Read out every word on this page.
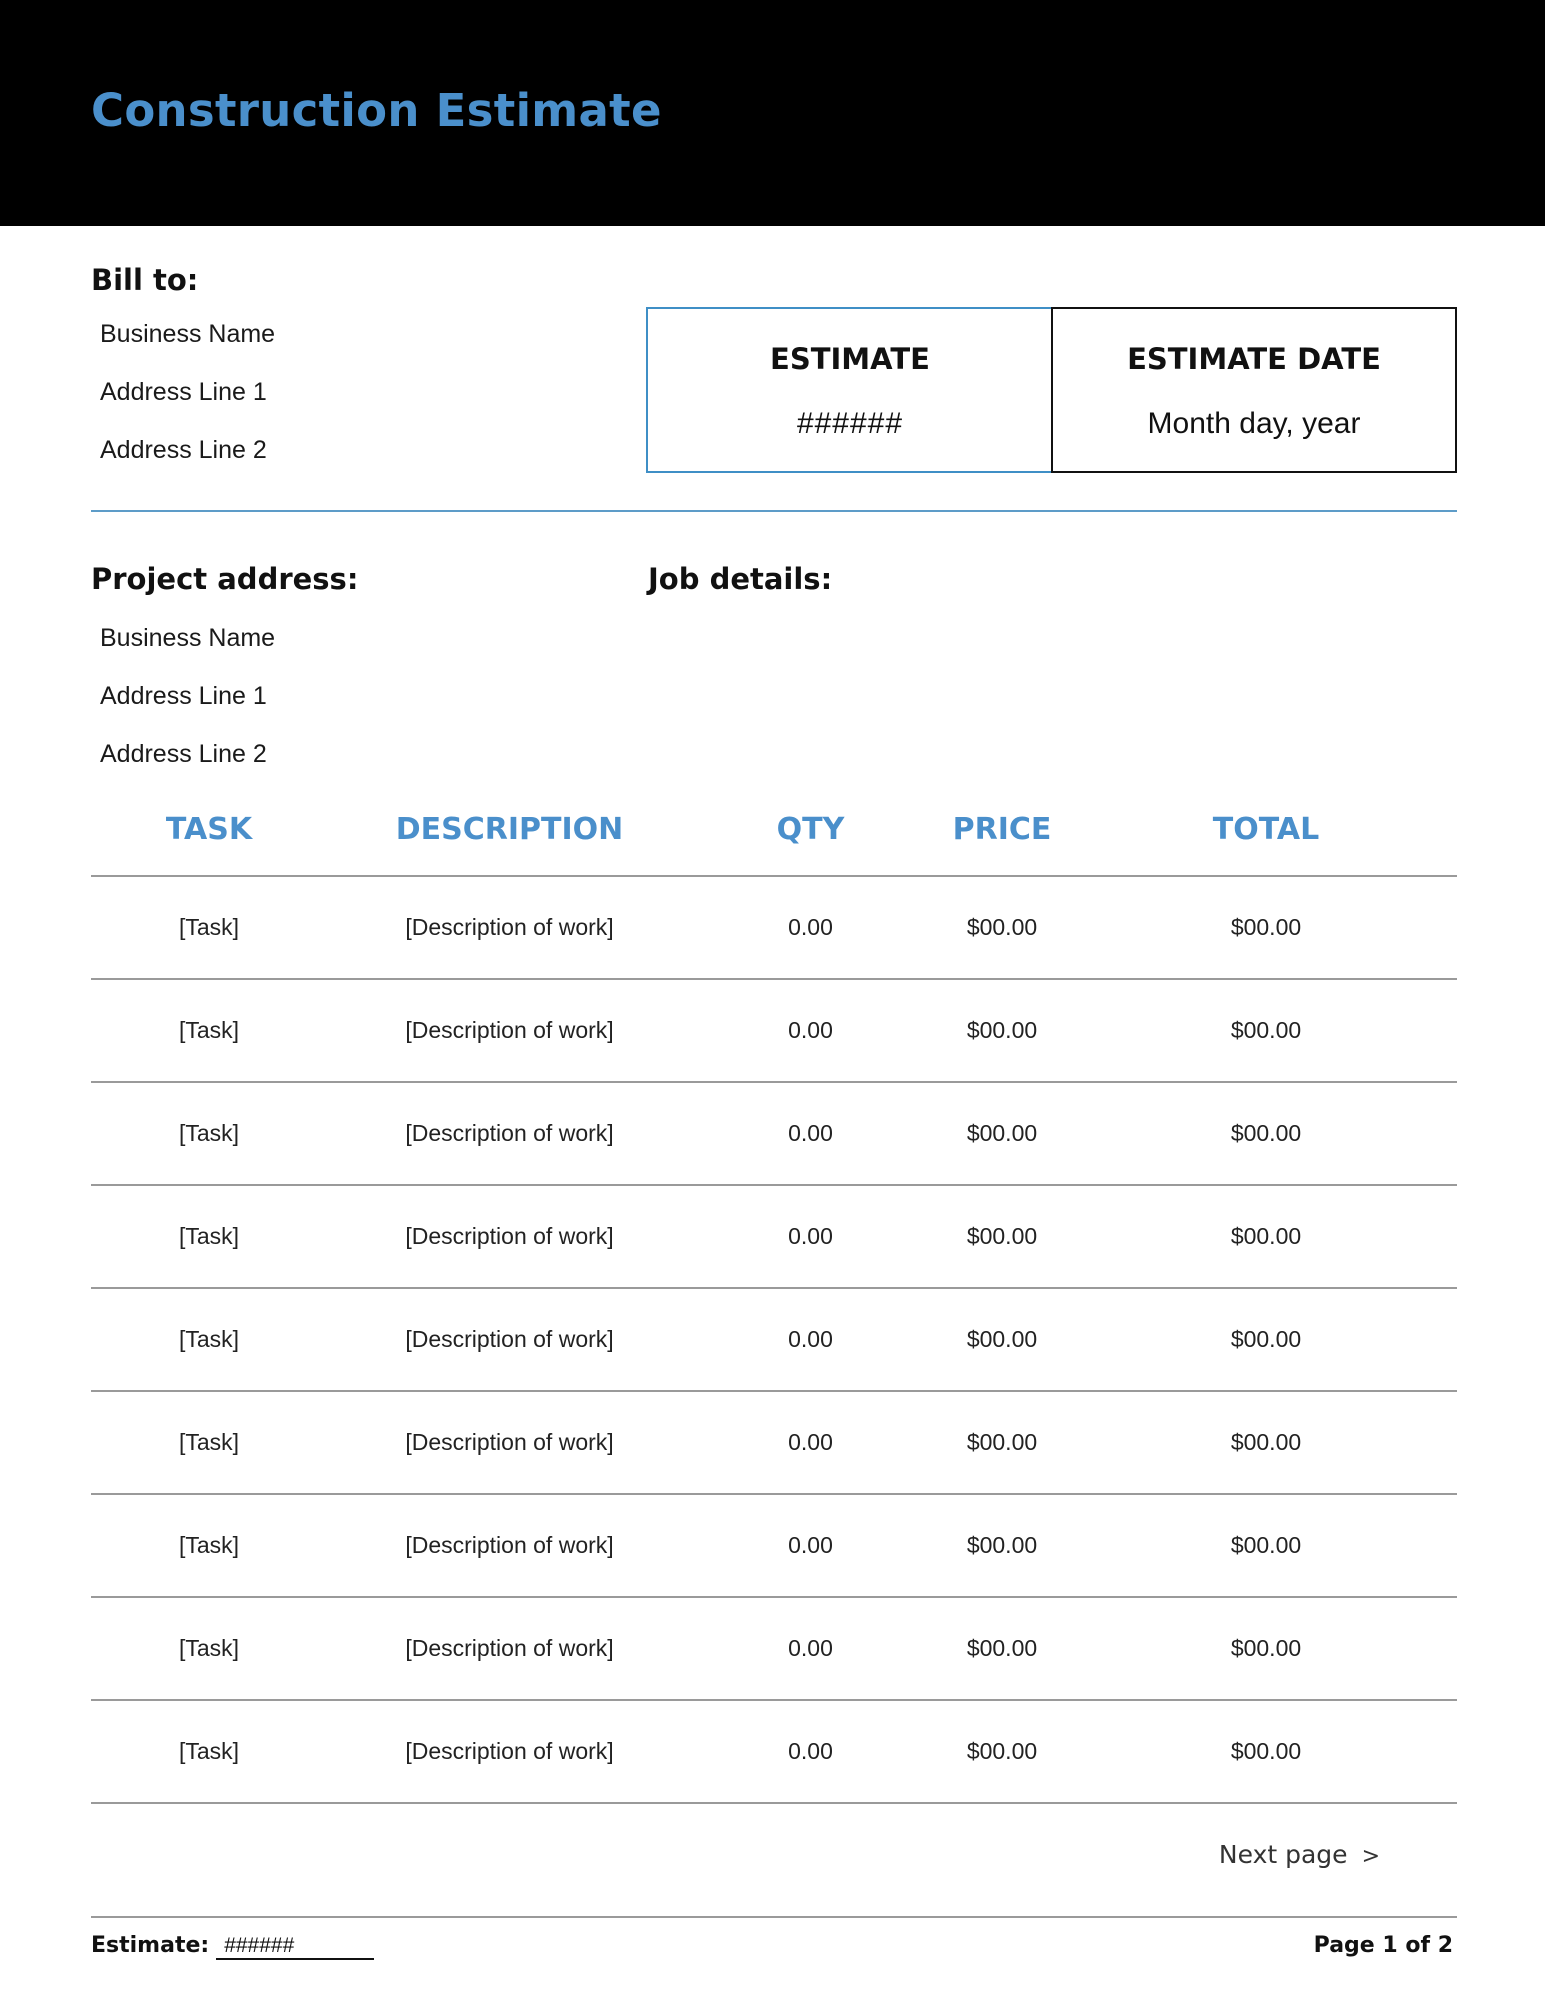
Construction Estimate
Bill to:
Business Name
Address Line 1
Address Line 2
ESTIMATE
######
ESTIMATE DATE
Month day, year
Project address:
Business Name
Address Line 1
Address Line 2
Job details:
TASK	DESCRIPTION	QTY	PRICE	TOTAL
[Task]	[Description of work]	0.00	$00.00	$00.00
[Task]	[Description of work]	0.00	$00.00	$00.00
[Task]	[Description of work]	0.00	$00.00	$00.00
[Task]	[Description of work]	0.00	$00.00	$00.00
[Task]	[Description of work]	0.00	$00.00	$00.00
[Task]	[Description of work]	0.00	$00.00	$00.00
[Task]	[Description of work]	0.00	$00.00	$00.00
[Task]	[Description of work]	0.00	$00.00	$00.00
[Task]	[Description of work]	0.00	$00.00	$00.00
Next page >
Estimate: ######	Page 1 of 2
